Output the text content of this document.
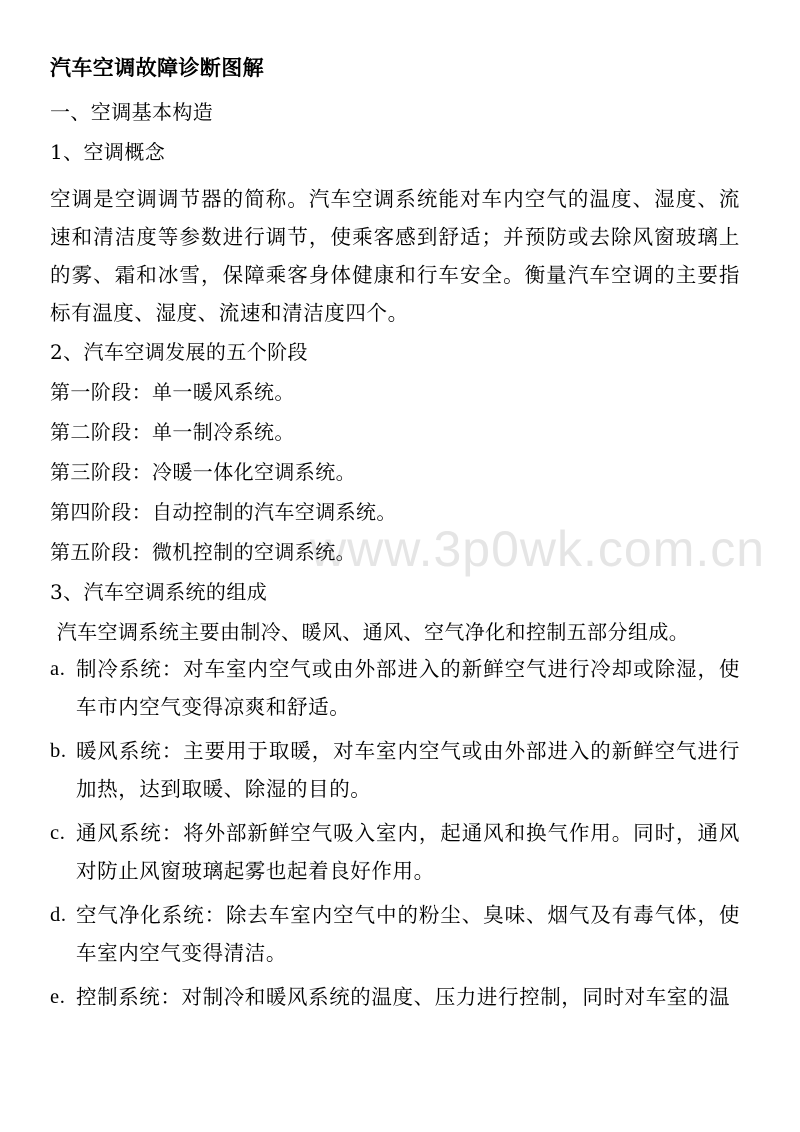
www.3p0wk.com.cn
汽车空调故障诊断图解
一、空调基本构造
1、空调概念
空调是空调调节器的简称。汽车空调系统能对车内空气的温度、湿度、流速和清洁度等参数进行调节，使乘客感到舒适；并预防或去除风窗玻璃上的雾、霜和冰雪，保障乘客身体健康和行车安全。衡量汽车空调的主要指标有温度、湿度、流速和清洁度四个。
2、汽车空调发展的五个阶段
第一阶段：单一暖风系统。
第二阶段：单一制冷系统。
第三阶段：冷暖一体化空调系统。
第四阶段：自动控制的汽车空调系统。
第五阶段：微机控制的空调系统。
3、汽车空调系统的组成
汽车空调系统主要由制冷、暖风、通风、空气净化和控制五部分组成。
a. 制冷系统：对车室内空气或由外部进入的新鲜空气进行冷却或除湿，使车市内空气变得凉爽和舒适。
b. 暖风系统：主要用于取暖，对车室内空气或由外部进入的新鲜空气进行加热，达到取暖、除湿的目的。
c. 通风系统：将外部新鲜空气吸入室内，起通风和换气作用。同时，通风对防止风窗玻璃起雾也起着良好作用。
d. 空气净化系统：除去车室内空气中的粉尘、臭味、烟气及有毒气体，使车室内空气变得清洁。
e. 控制系统：对制冷和暖风系统的温度、压力进行控制，同时对车室的温
